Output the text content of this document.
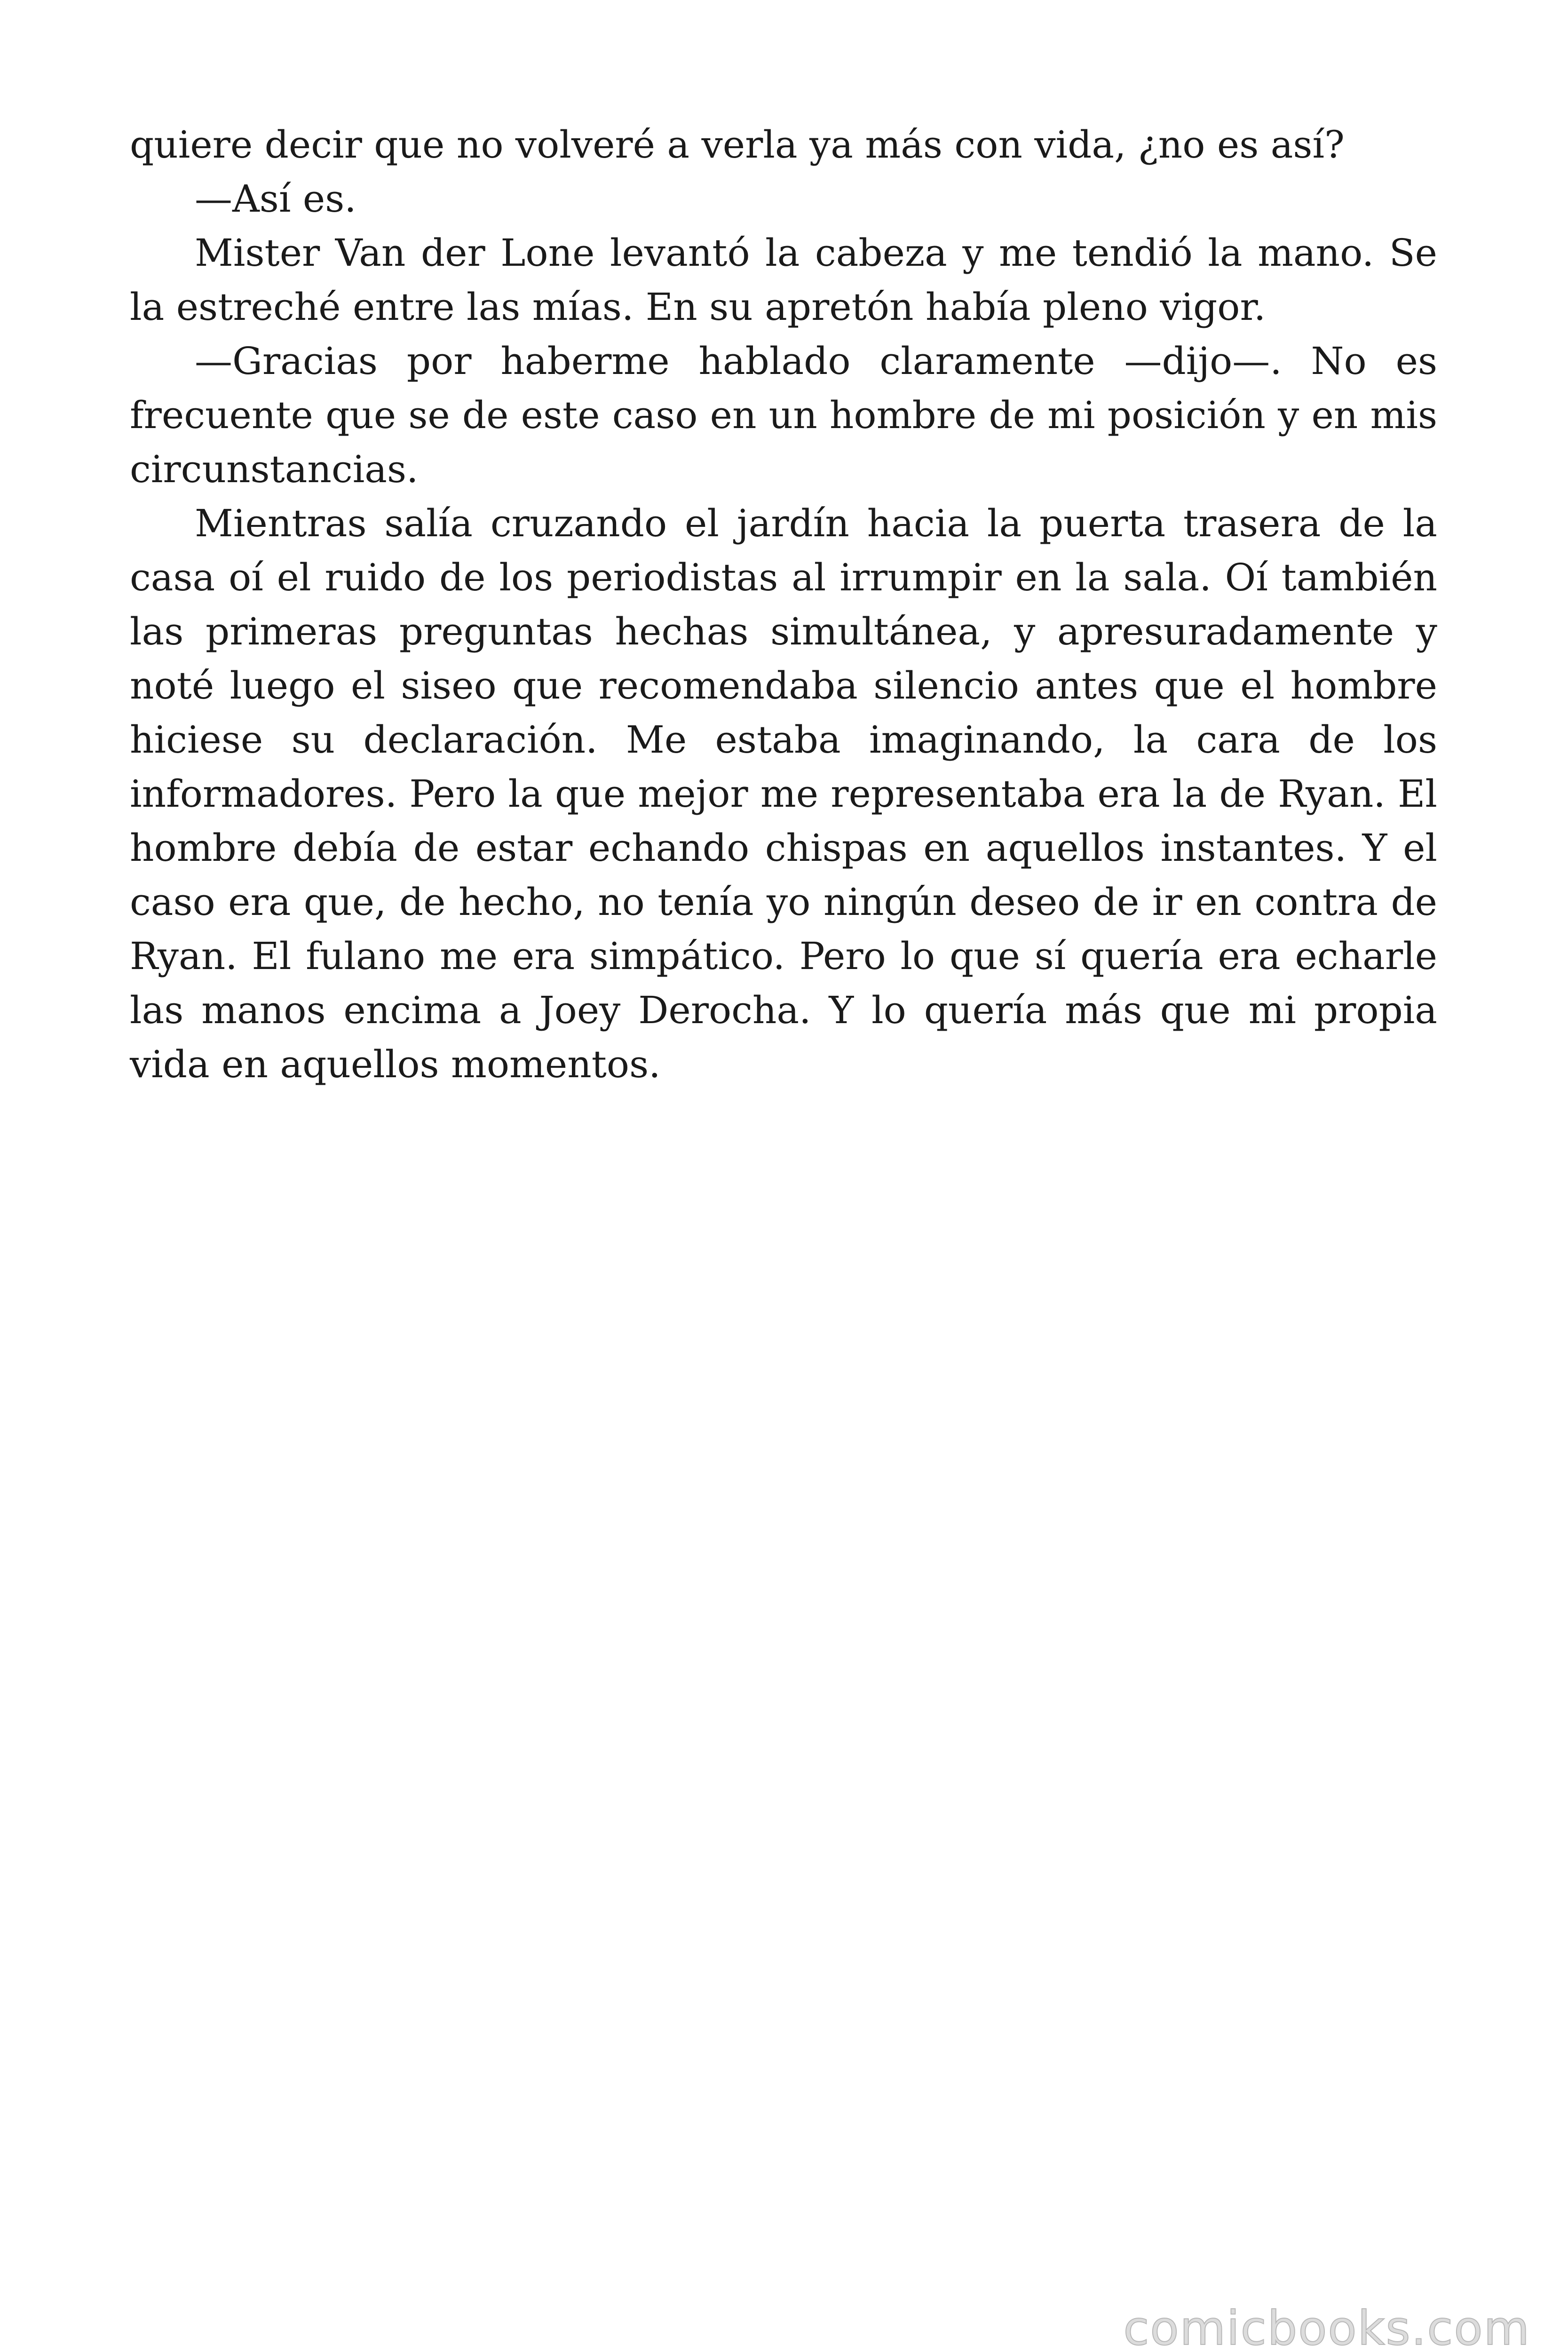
quiere decir que no volveré a verla ya más con vida, ¿no es así?

—Así es.

Mister Van der Lone levantó la cabeza y me tendió la mano. Se la estreché entre las mías. En su apretón había pleno vigor.

—Gracias por haberme hablado claramente —dijo—. No es frecuente que se de este caso en un hombre de mi posición y en mis circunstancias.

Mientras salía cruzando el jardín hacia la puerta trasera de la casa oí el ruido de los periodistas al irrumpir en la sala. Oí también las primeras preguntas hechas simultánea, y apresuradamente y noté luego el siseo que recomendaba silencio antes que el hombre hiciese su declaración. Me estaba imaginando, la cara de los informadores. Pero la que mejor me representaba era la de Ryan. El hombre debía de estar echando chispas en aquellos instantes. Y el caso era que, de hecho, no tenía yo ningún deseo de ir en contra de Ryan. El fulano me era simpático. Pero lo que sí quería era echarle las manos encima a Joey Derocha. Y lo quería más que mi propia vida en aquellos momentos.

comicbooks.com
